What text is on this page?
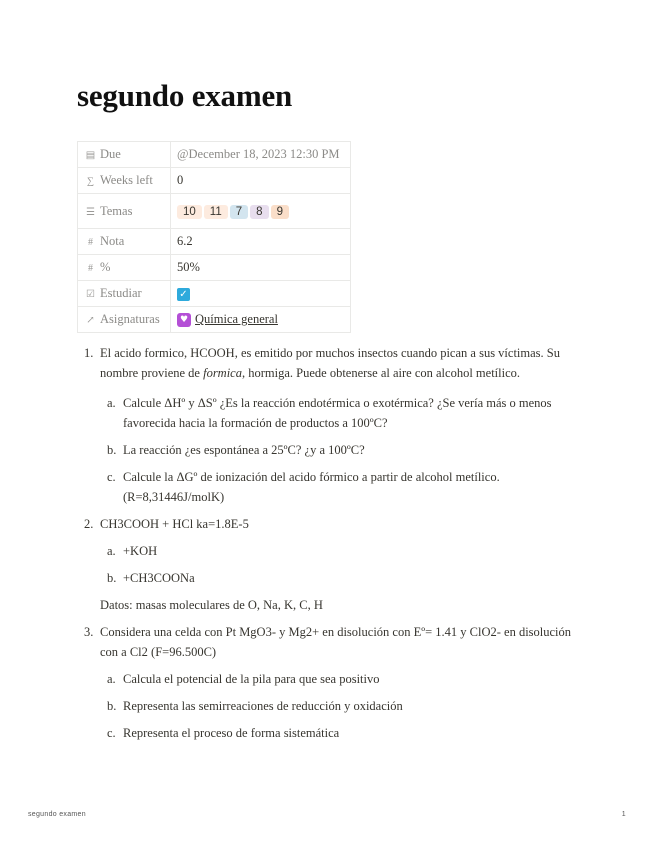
segundo examen
▤ Due	@December 18, 2023 12:30 PM
∑ Weeks left	0
☰ Temas	10 11 7 8 9
# Nota	6.2
# %	50%
☑ Estudiar	✓
↗ Asignaturas	♥ Química general
1. El acido formico, HCOOH, es emitido por muchos insectos cuando pican a sus víctimas. Su nombre proviene de formica, hormiga. Puede obtenerse al aire con alcohol metílico.
a. Calcule ΔHº y ΔSº ¿Es la reacción endotérmica o exotérmica? ¿Se vería más o menos favorecida hacia la formación de productos a 100ºC?
b. La reacción ¿es espontánea a 25ºC? ¿y a 100ºC?
c. Calcule la ΔGº de ionización del acido fórmico a partir de alcohol metílico. (R=8,31446J/molK)
2. CH3COOH + HCl ka=1.8E-5
a. +KOH
b. +CH3COONa
Datos: masas moleculares de O, Na, K, C, H
3. Considera una celda con Pt MgO3- y Mg2+ en disolución con Eº= 1.41 y ClO2- en disolución con a Cl2 (F=96.500C)
a. Calcula el potencial de la pila para que sea positivo
b. Representa las semirreaciones de reducción y oxidación
c. Representa el proceso de forma sistemática
segundo examen	1
